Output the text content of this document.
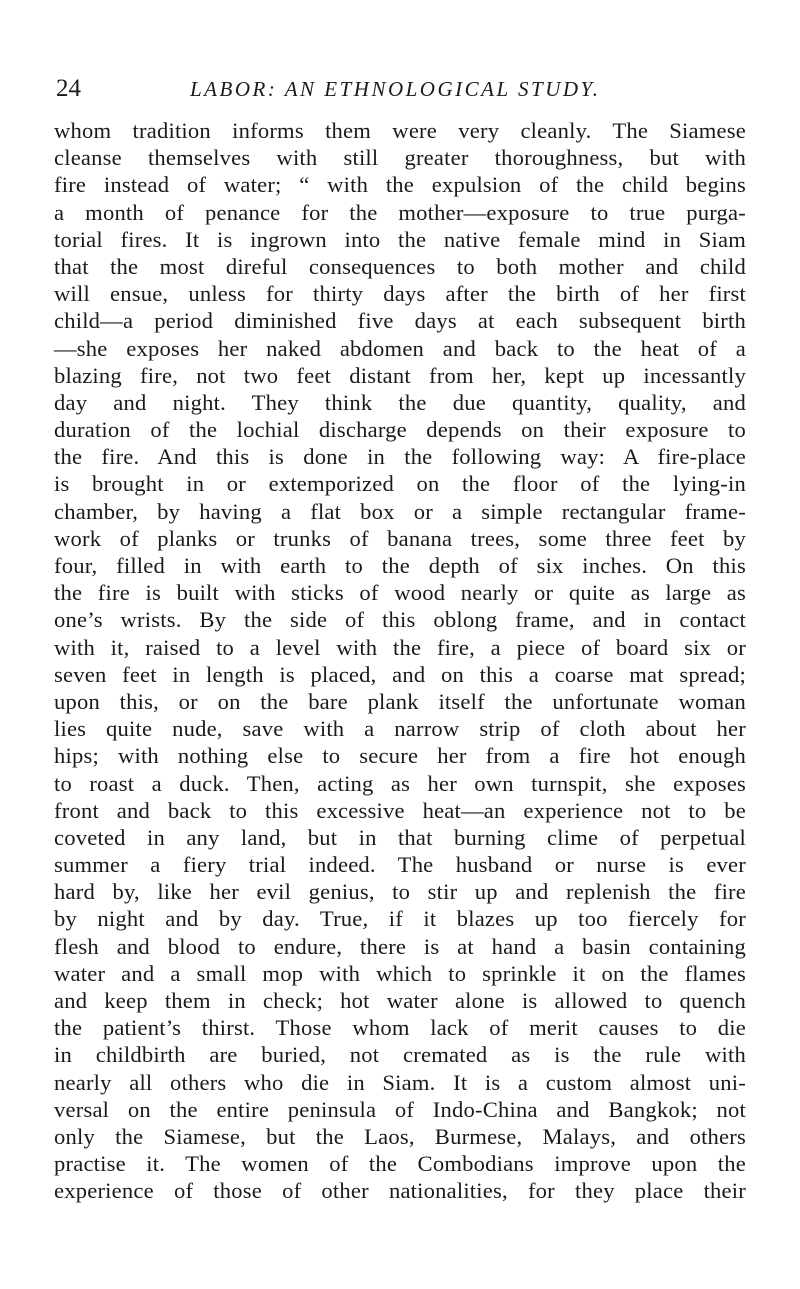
24	LABOR: AN ETHNOLOGICAL STUDY.
whom tradition informs them were very cleanly. The Siamese
cleanse themselves with still greater thoroughness, but with
fire instead of water; “ with the expulsion of the child begins
a month of penance for the mother—exposure to true purga-
torial fires. It is ingrown into the native female mind in Siam
that the most direful consequences to both mother and child
will ensue, unless for thirty days after the birth of her first
child—a period diminished five days at each subsequent birth
—she exposes her naked abdomen and back to the heat of a
blazing fire, not two feet distant from her, kept up incessantly
day and night. They think the due quantity, quality, and
duration of the lochial discharge depends on their exposure to
the fire. And this is done in the following way: A fire-place
is brought in or extemporized on the floor of the lying-in
chamber, by having a flat box or a simple rectangular frame-
work of planks or trunks of banana trees, some three feet by
four, filled in with earth to the depth of six inches. On this
the fire is built with sticks of wood nearly or quite as large as
one’s wrists. By the side of this oblong frame, and in contact
with it, raised to a level with the fire, a piece of board six or
seven feet in length is placed, and on this a coarse mat spread;
upon this, or on the bare plank itself the unfortunate woman
lies quite nude, save with a narrow strip of cloth about her
hips; with nothing else to secure her from a fire hot enough
to roast a duck. Then, acting as her own turnspit, she exposes
front and back to this excessive heat—an experience not to be
coveted in any land, but in that burning clime of perpetual
summer a fiery trial indeed. The husband or nurse is ever
hard by, like her evil genius, to stir up and replenish the fire
by night and by day. True, if it blazes up too fiercely for
flesh and blood to endure, there is at hand a basin containing
water and a small mop with which to sprinkle it on the flames
and keep them in check; hot water alone is allowed to quench
the patient’s thirst. Those whom lack of merit causes to die
in childbirth are buried, not cremated as is the rule with
nearly all others who die in Siam. It is a custom almost uni-
versal on the entire peninsula of Indo-China and Bangkok; not
only the Siamese, but the Laos, Burmese, Malays, and others
practise it. The women of the Combodians improve upon the
experience of those of other nationalities, for they place their
